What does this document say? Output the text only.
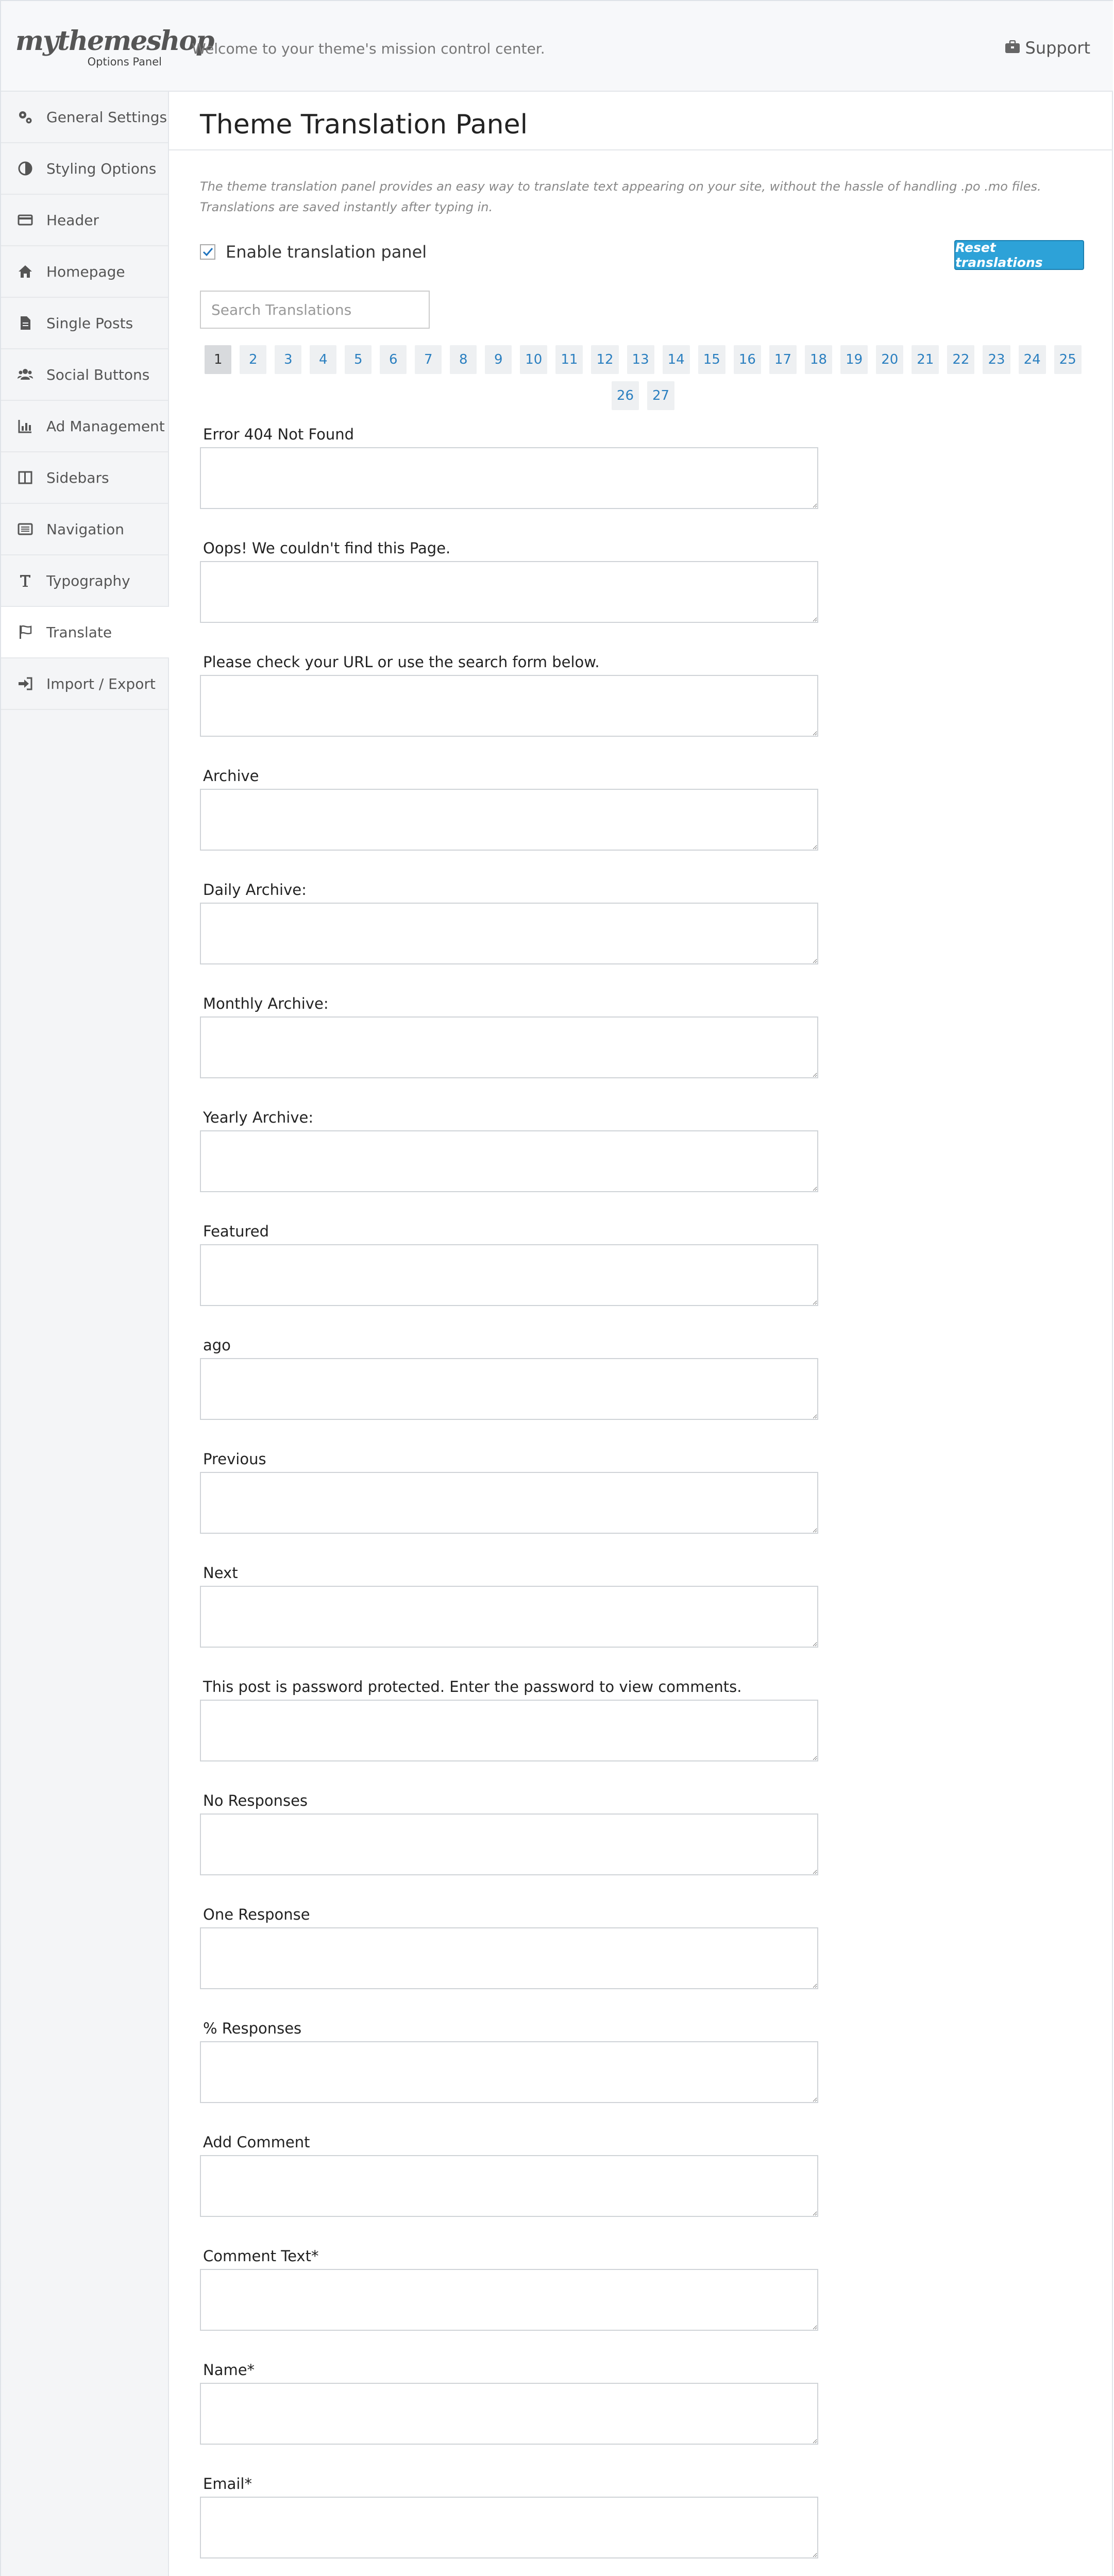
mythemeshop
Options Panel
Welcome to your theme's mission control center.	Support
General Settings
Styling Options
Header
Homepage
Single Posts
Social Buttons
Ad Management
Sidebars
Navigation
Typography
Translate
Import / Export
Theme Translation Panel

The theme translation panel provides an easy way to translate text appearing on your site, without the hassle of handling .po .mo files. Translations are saved instantly after typing in.

Enable translation panel	Reset translations
Search Translations
1	2	3	4	5	6	7	8	9	10	11	12	13	14	15	16	17	18	19	20	21	22	23	24	25
26	27
Error 404 Not Found
Oops! We couldn't find this Page.
Please check your URL or use the search form below.
Archive
Daily Archive:
Monthly Archive:
Yearly Archive:
Featured
ago
Previous
Next
This post is password protected. Enter the password to view comments.
No Responses
One Response
% Responses
Add Comment
Comment Text*
Name*
Email*
